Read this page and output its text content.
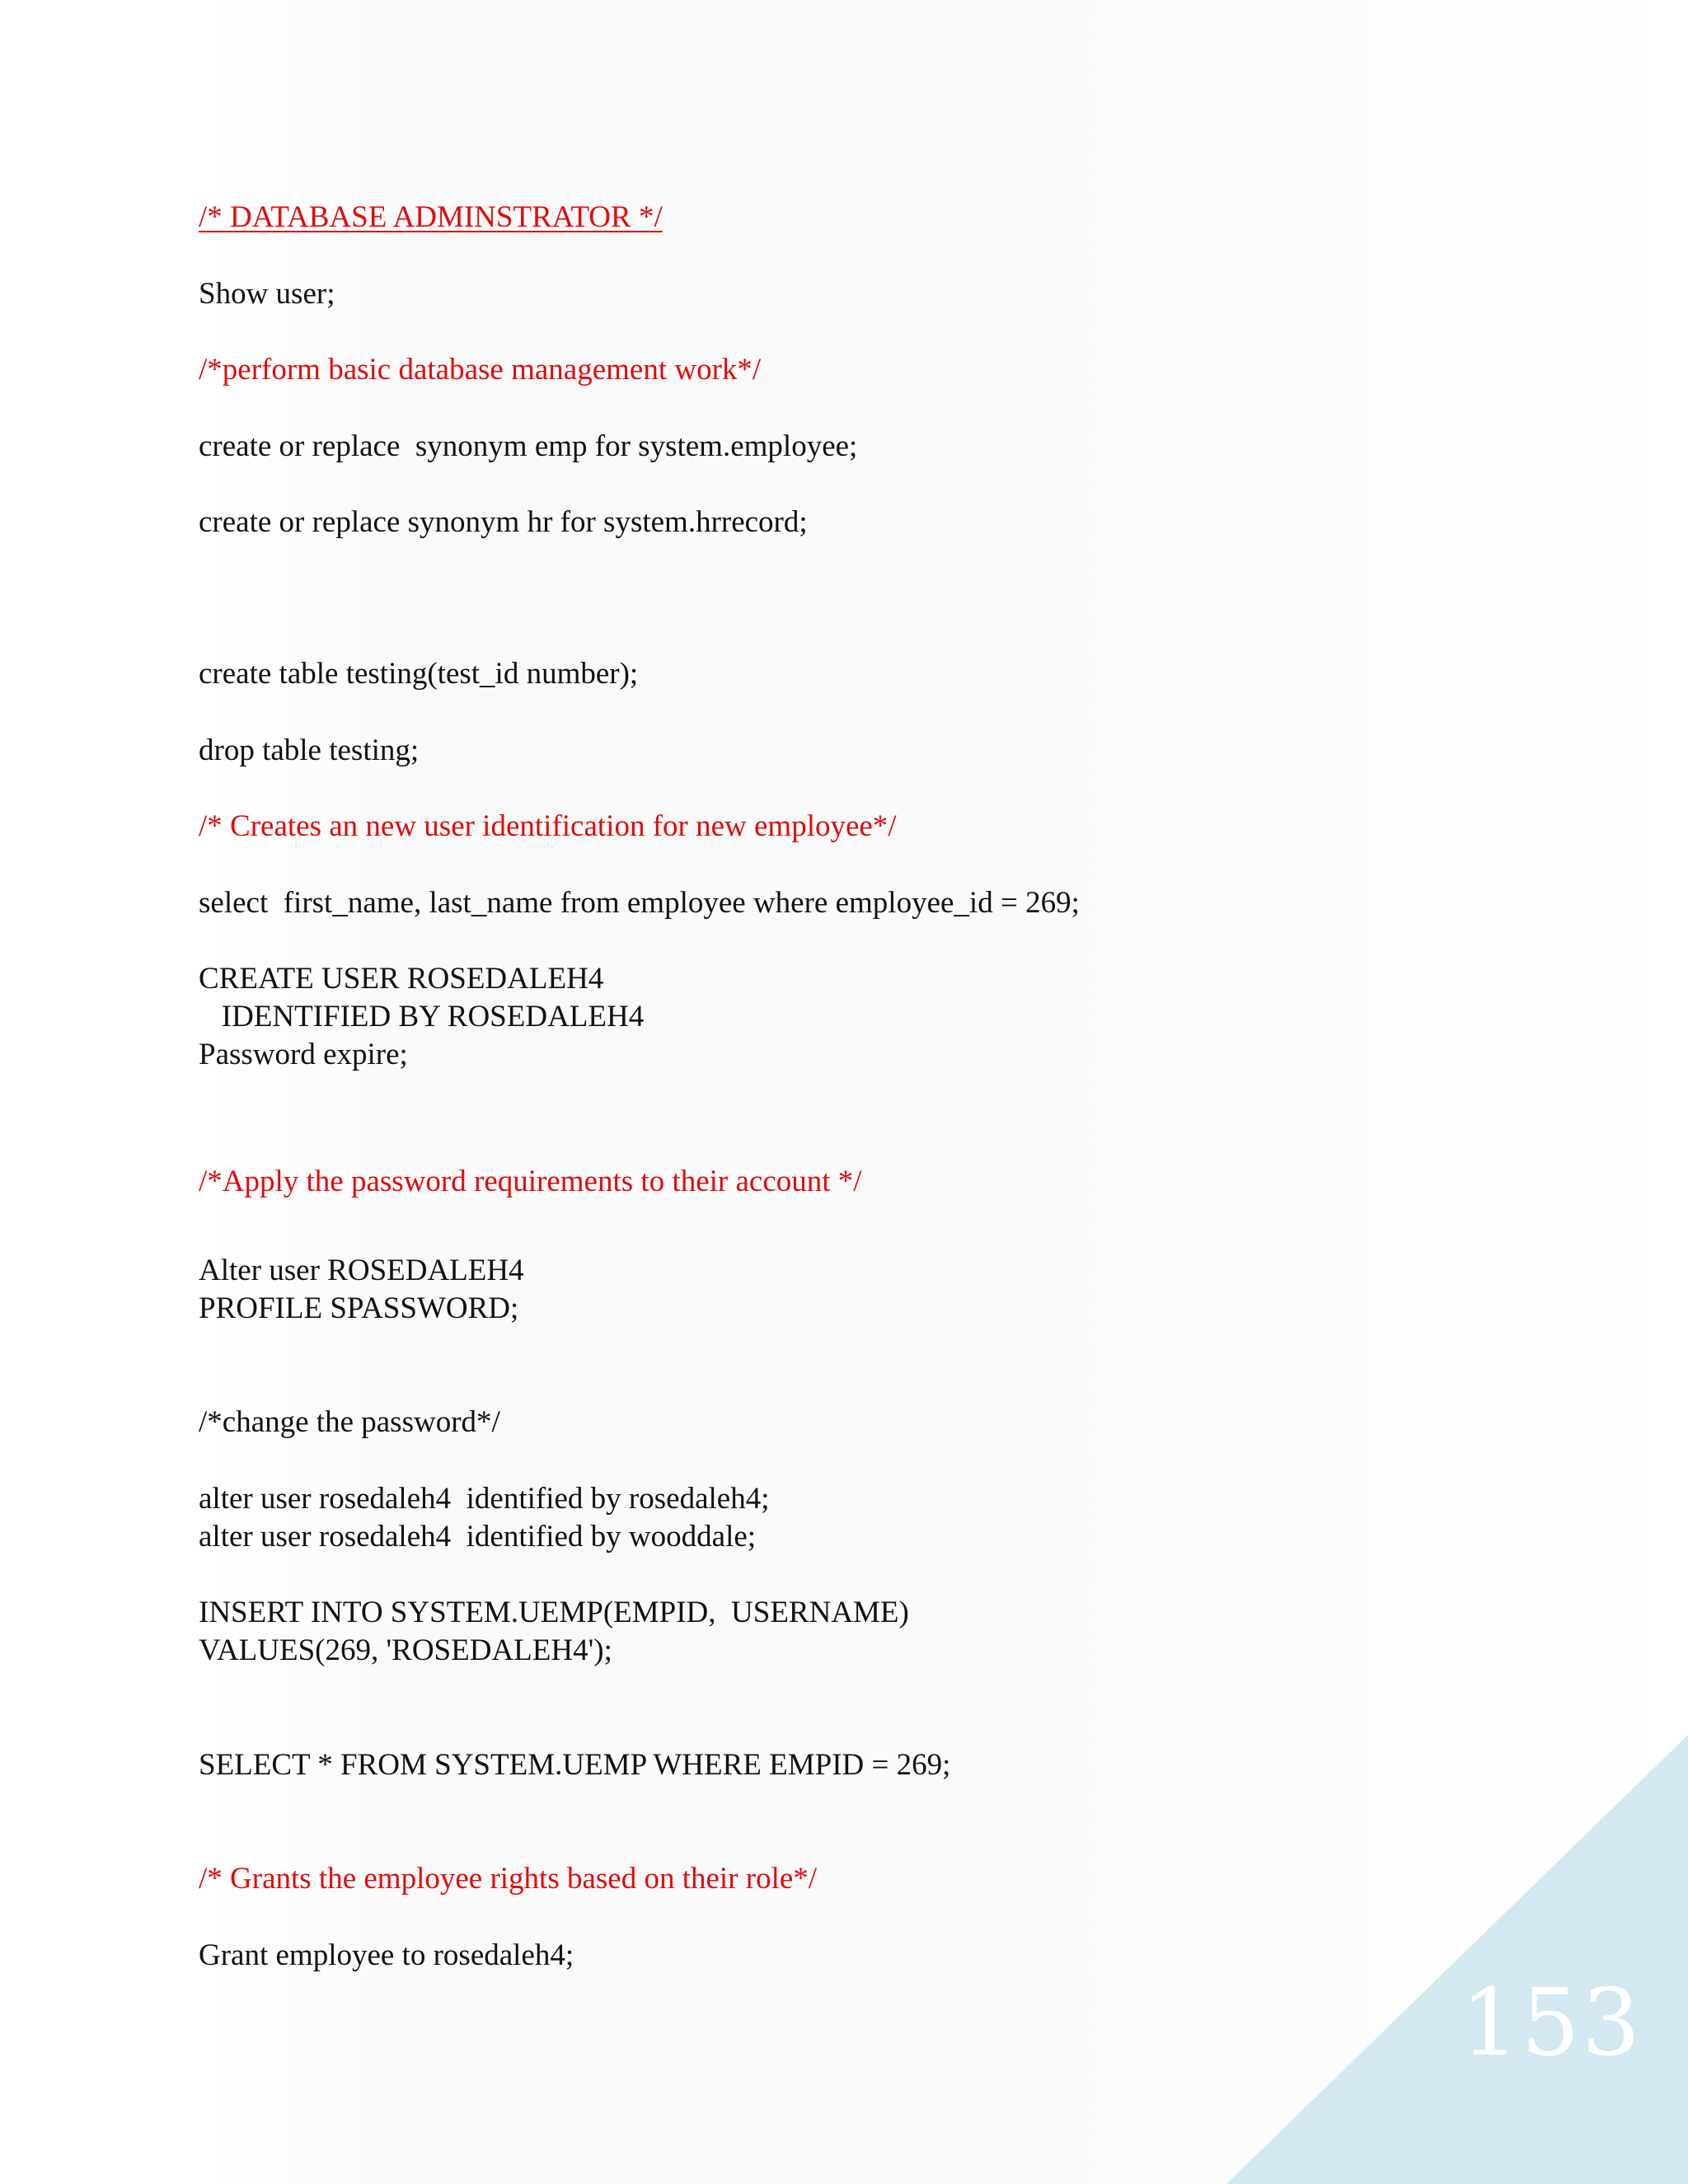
/* DATABASE ADMINSTRATOR */
Show user;
/*perform basic database management work*/
create or replace  synonym emp for system.employee;
create or replace synonym hr for system.hrrecord;
create table testing(test_id number);
drop table testing;
/* Creates an new user identification for new employee*/
select  first_name, last_name from employee where employee_id = 269;
CREATE USER ROSEDALEH4
IDENTIFIED BY ROSEDALEH4
Password expire;
/*Apply the password requirements to their account */
Alter user ROSEDALEH4
PROFILE SPASSWORD;
/*change the password*/
alter user rosedaleh4  identified by rosedaleh4;
alter user rosedaleh4  identified by wooddale;
INSERT INTO SYSTEM.UEMP(EMPID,  USERNAME)
VALUES(269, 'ROSEDALEH4');
SELECT * FROM SYSTEM.UEMP WHERE EMPID = 269;
/* Grants the employee rights based on their role*/
Grant employee to rosedaleh4;
153
